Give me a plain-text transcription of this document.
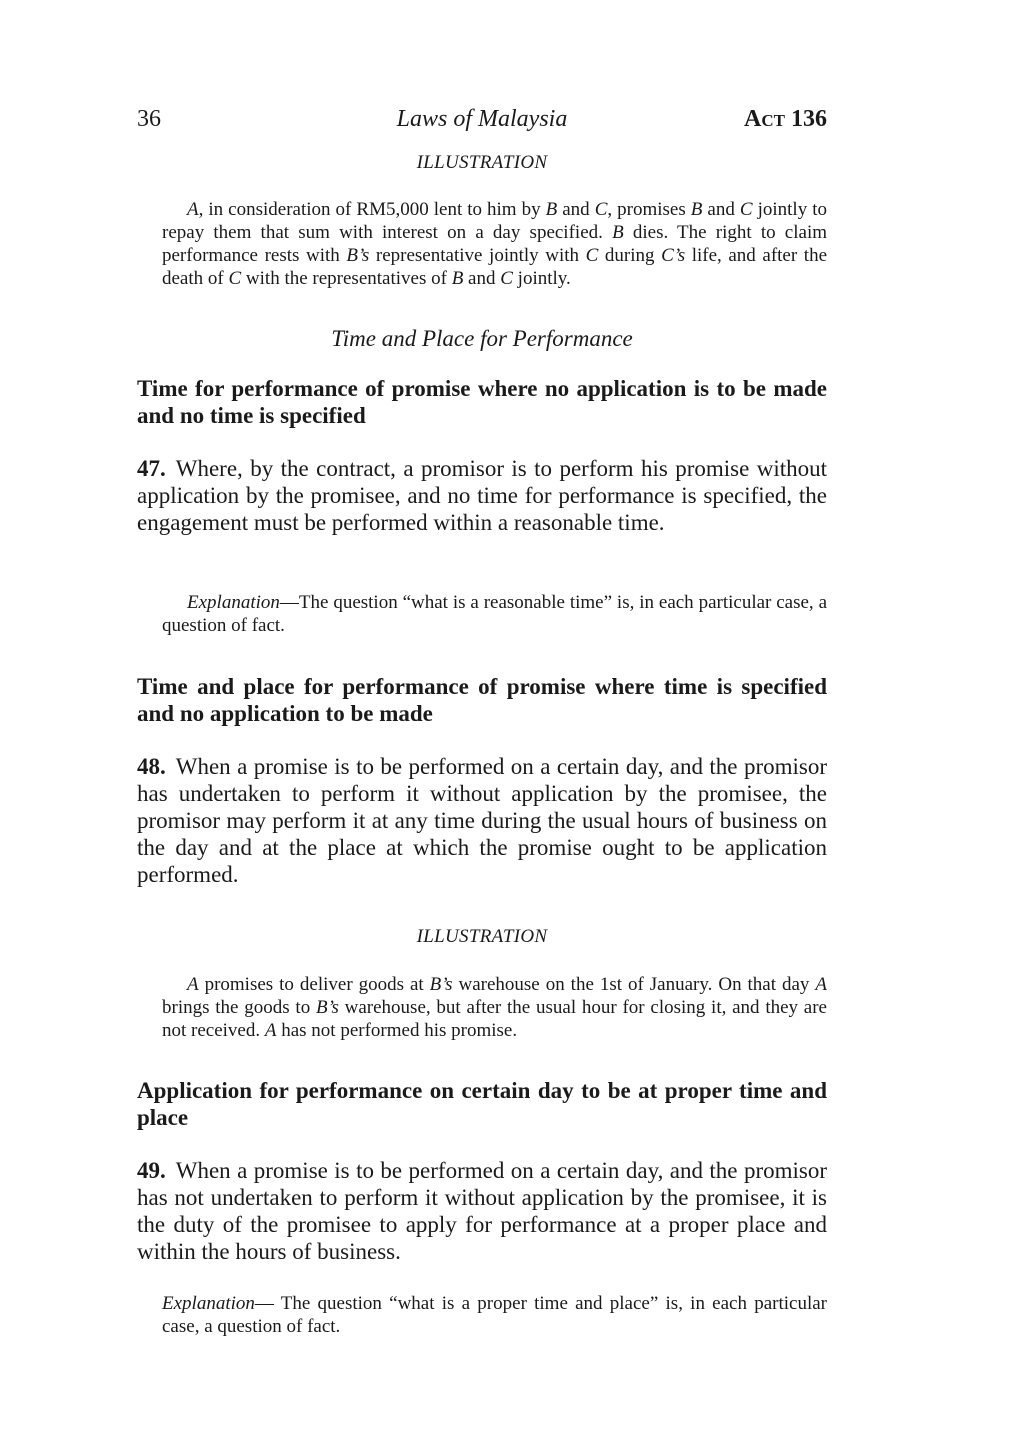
36	Laws of Malaysia	Act 136
ILLUSTRATION
A, in consideration of RM5,000 lent to him by B and C, promises B and C jointly to repay them that sum with interest on a day specified. B dies. The right to claim performance rests with B’s representative jointly with C during C’s life, and after the death of C with the representatives of B and C jointly.
Time and Place for Performance
Time for performance of promise where no application is to be made and no time is specified
47. Where, by the contract, a promisor is to perform his promise without application by the promisee, and no time for performance is specified, the engagement must be performed within a reasonable time.
Explanation—The question “what is a reasonable time” is, in each particular case, a question of fact.
Time and place for performance of promise where time is specified and no application to be made
48. When a promise is to be performed on a certain day, and the promisor has undertaken to perform it without application by the promisee, the promisor may perform it at any time during the usual hours of business on the day and at the place at which the promise ought to be application performed.
ILLUSTRATION
A promises to deliver goods at B’s warehouse on the 1st of January. On that day A brings the goods to B’s warehouse, but after the usual hour for closing it, and they are not received. A has not performed his promise.
Application for performance on certain day to be at proper time and place
49. When a promise is to be performed on a certain day, and the promisor has not undertaken to perform it without application by the promisee, it is the duty of the promisee to apply for performance at a proper place and within the hours of business.
Explanation— The question “what is a proper time and place” is, in each particular case, a question of fact.
